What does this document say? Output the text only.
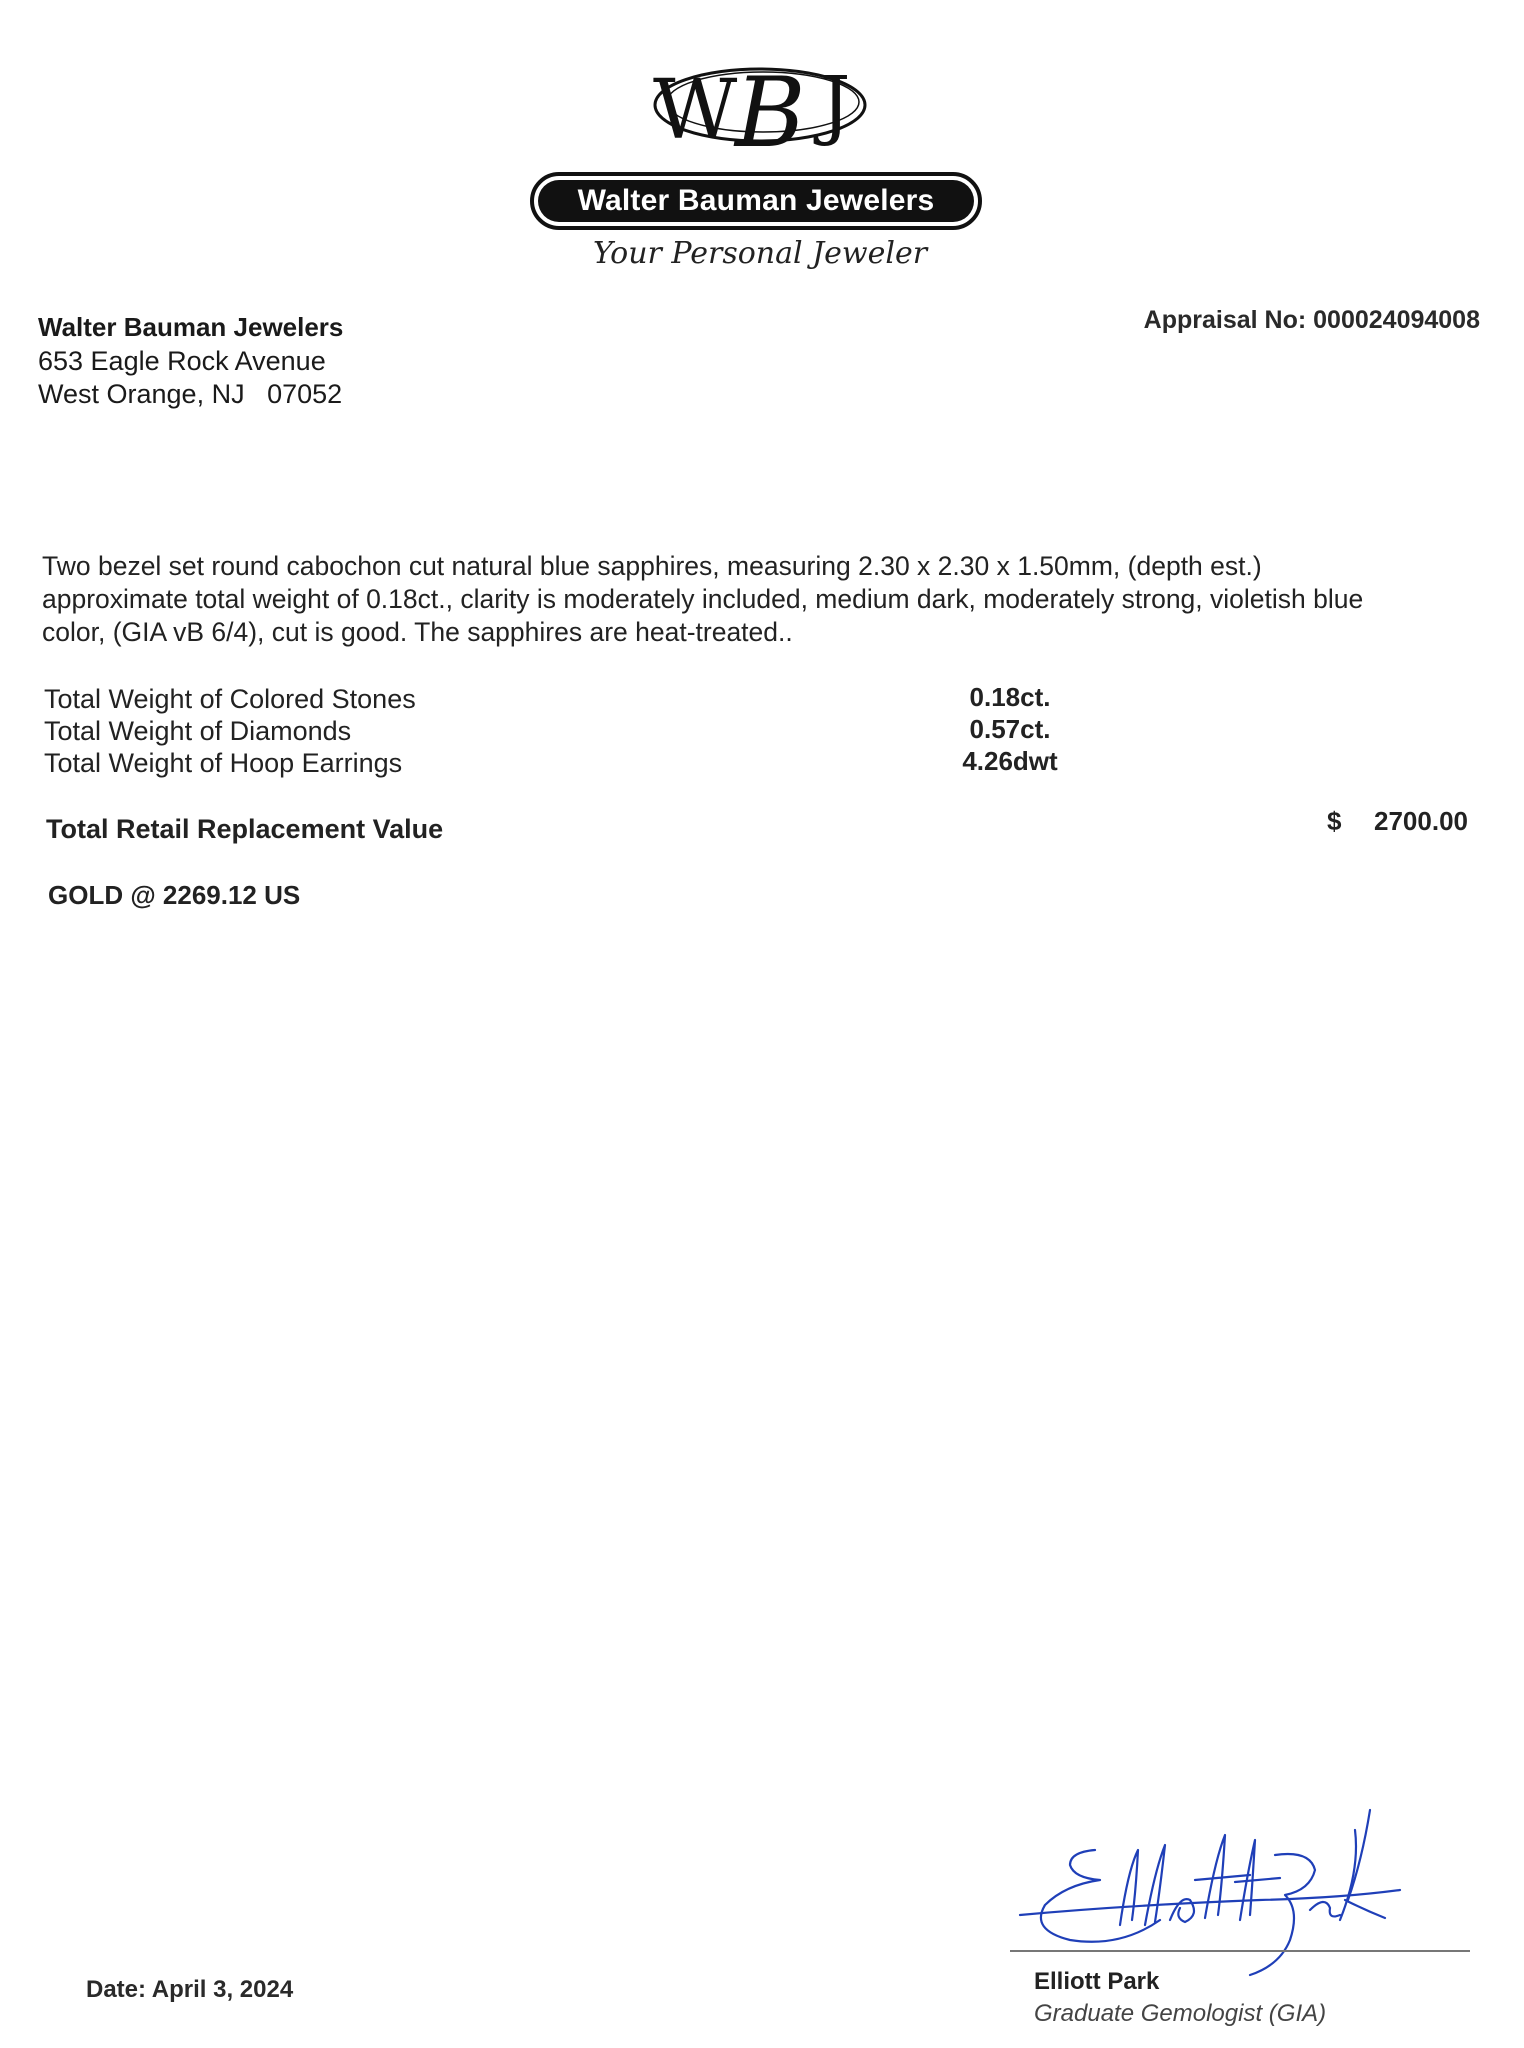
W
B J
Walter Bauman Jewelers
Your Personal Jeweler
Walter Bauman Jewelers
653 Eagle Rock Avenue
West Orange, NJ   07052
Appraisal No: 000024094008
Two bezel set round cabochon cut natural blue sapphires, measuring 2.30 x 2.30 x 1.50mm, (depth est.) approximate total weight of 0.18ct., clarity is moderately included, medium dark, moderately strong, violetish blue color, (GIA vB 6/4), cut is good. The sapphires are heat-treated..
Total Weight of Colored Stones	0.18ct.
Total Weight of Diamonds	0.57ct.
Total Weight of Hoop Earrings	4.26dwt
Total Retail Replacement Value	$ 2700.00
GOLD @ 2269.12 US
Elliott Park
Graduate Gemologist (GIA)
Date: April 3, 2024
